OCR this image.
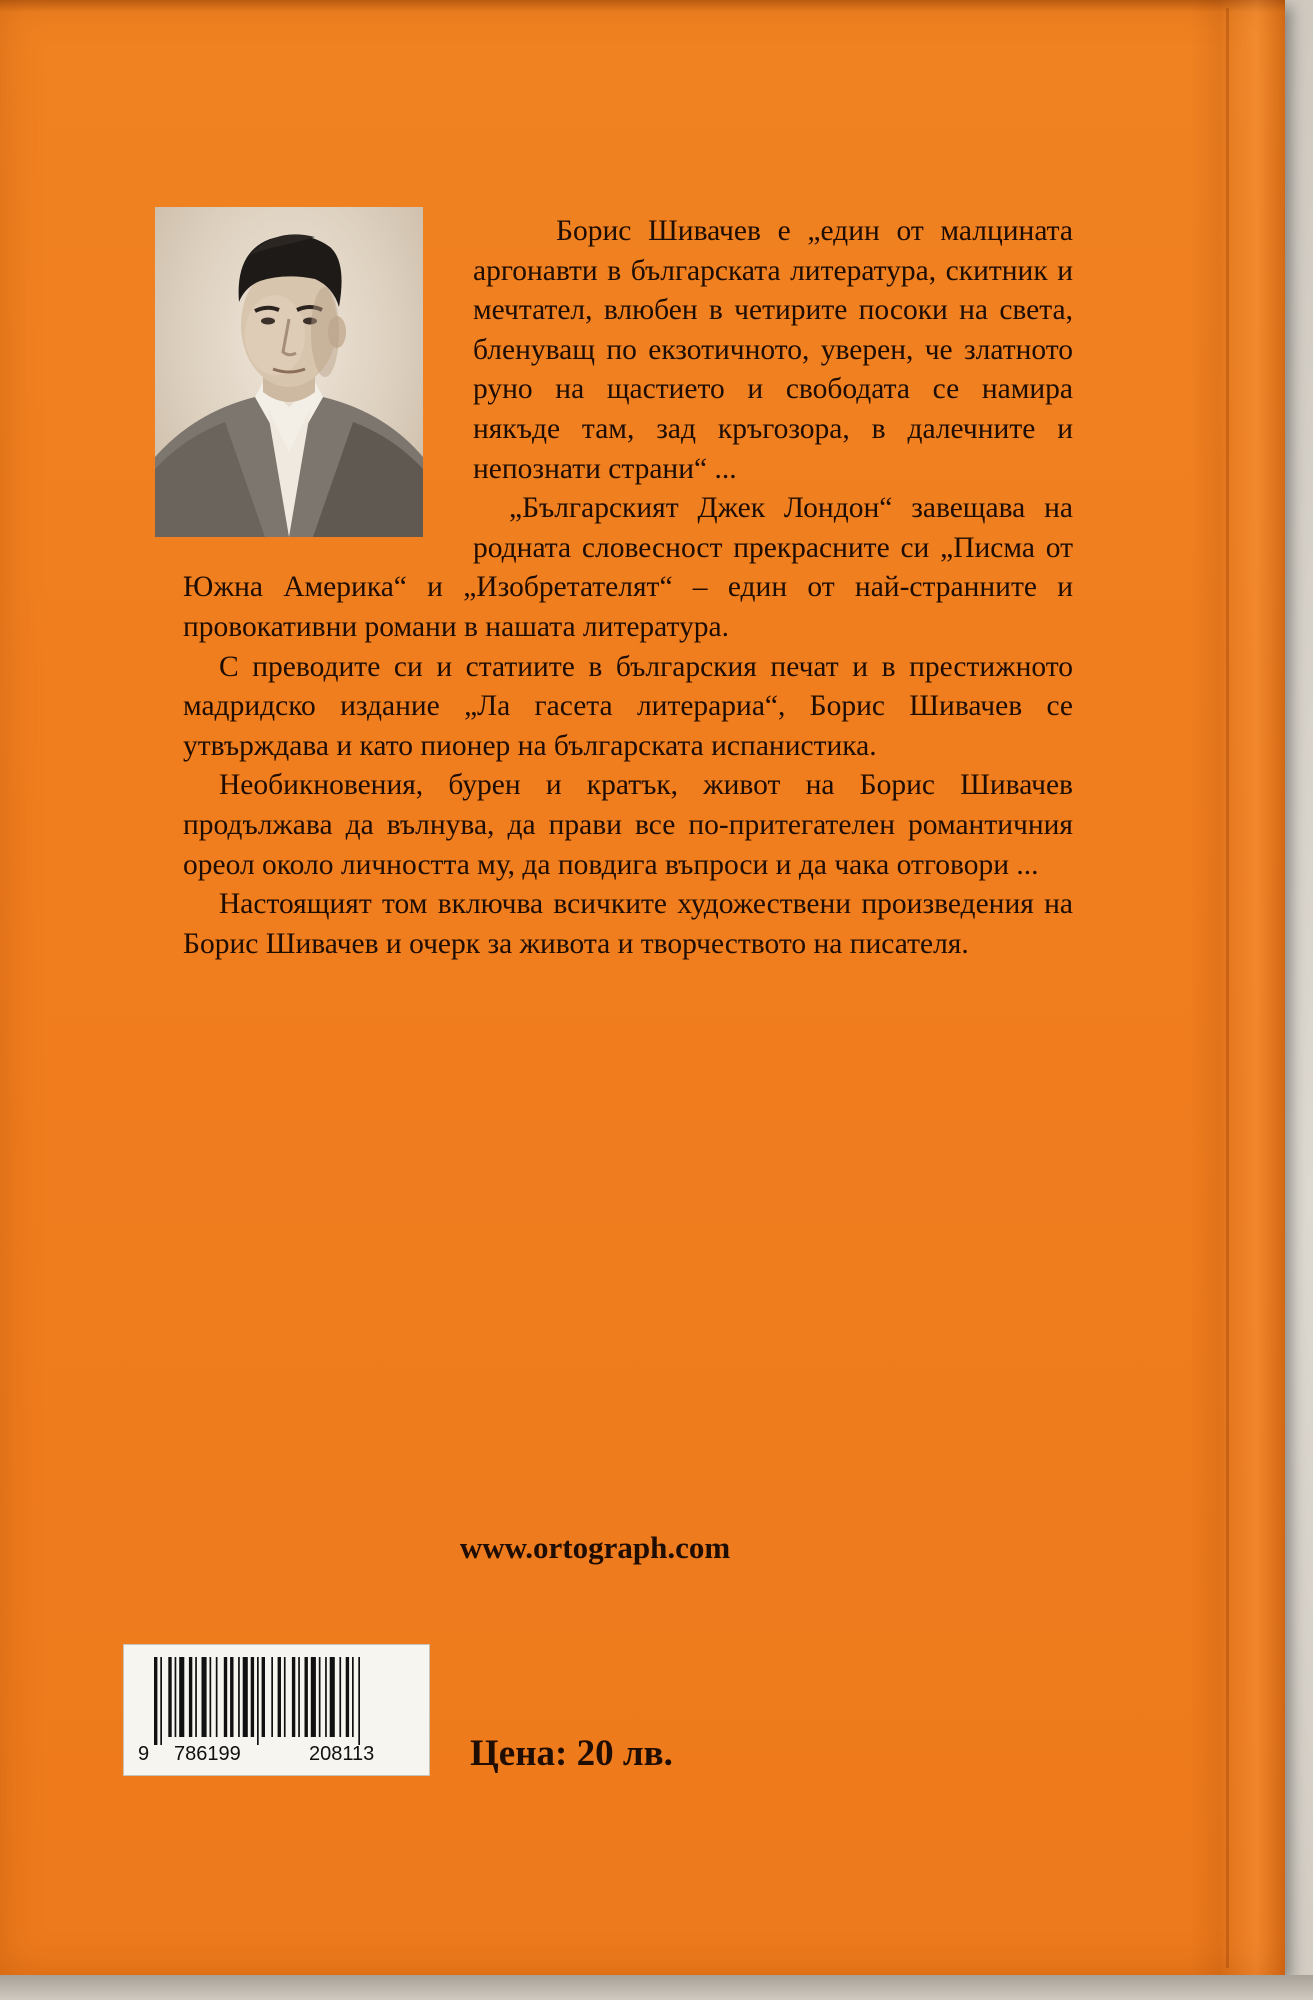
Борис Шивачев е „един от малцината аргонавти в българската литература, скитник и мечтател, влюбен в четирите посоки на света, бленуващ по екзотичното, уверен, че златното руно на щастието и свободата се намира някъде там, зад кръгозора, в далечните и непознати страни“ ...

„Българският Джек Лондон“ завещава на родната словесност прекрасните си „Писма от Южна Америка“ и „Изобретателят“ – един от най-странните и провокативни романи в нашата литература.

С преводите си и статиите в българския печат и в престижното мадридско издание „Ла гасета литерариа“, Борис Шивачев се утвърждава и като пионер на българската испанистика.

Необикновения, бурен и кратък, живот на Борис Шивачев продължава да вълнува, да прави все по-притегателен романтичния ореол около личността му, да повдига въпроси и да чака отговори ...

Настоящият том включва всичките художествени произведения на Борис Шивачев и очерк за живота и творчеството на писателя.

www.ortograph.com
9 786199	208113	Цена: 20 лв.
